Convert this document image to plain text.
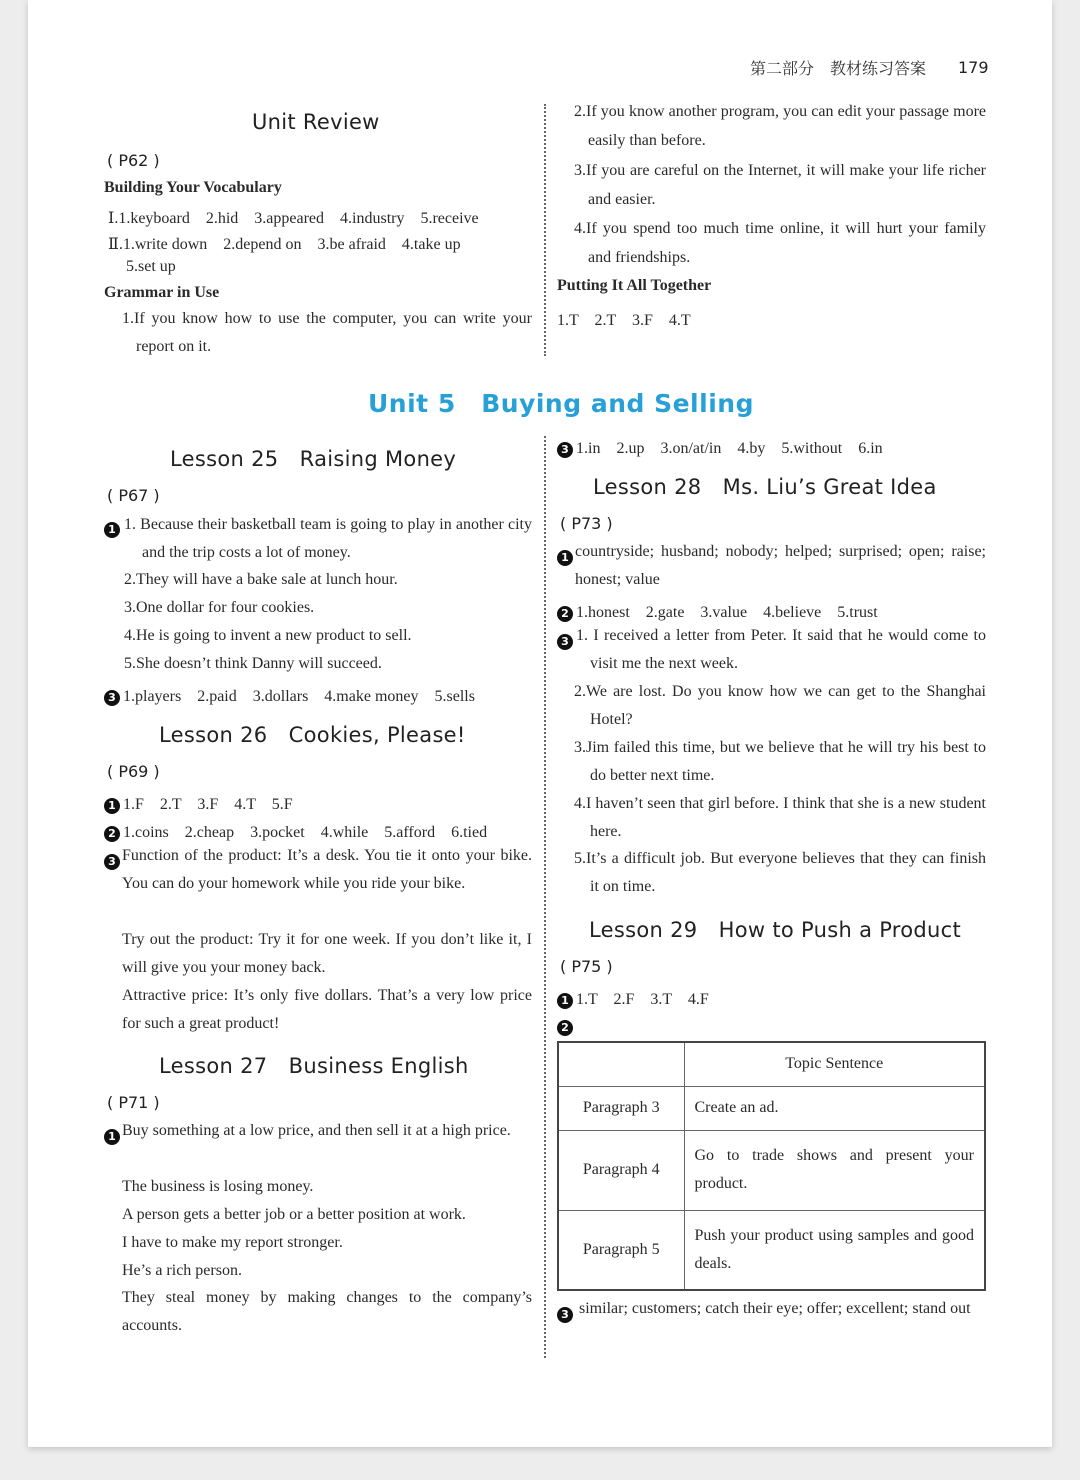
第二部分　教材练习答案 179
Unit Review
( P62 )
Building Your Vocabulary
Ⅰ.1.keyboard　2.hid　3.appeared　4.industry　5.receive
Ⅱ.1.write down　2.depend on　3.be afraid　4.take up
5.set up
Grammar in Use
1.If you know how to use the computer, you can write your report on it.
2.If you know another program, you can edit your passage more easily than before.
3.If you are careful on the Internet, it will make your life richer and easier.
4.If you spend too much time online, it will hurt your family and friendships.
Putting It All Together
1.T　2.T　3.F　4.T
Unit 5　Buying and Selling
Lesson 25　Raising Money
( P67 )
1 1. Because their basketball team is going to play in another city and the trip costs a lot of money.
2.They will have a bake sale at lunch hour.
3.One dollar for four cookies.
4.He is going to invent a new product to sell.
5.She doesn’t think Danny will succeed.
3 1.players　2.paid　3.dollars　4.make money　5.sells
Lesson 26　Cookies, Please!
( P69 )
1 1.F　2.T　3.F　4.T　5.F
2 1.coins　2.cheap　3.pocket　4.while　5.afford　6.tied
3 Function of the product: It’s a desk. You tie it onto your bike. You can do your homework while you ride your bike.
Try out the product: Try it for one week. If you don’t like it, I will give you your money back.
Attractive price: It’s only five dollars. That’s a very low price for such a great product!
Lesson 27　Business English
( P71 )
1 Buy something at a low price, and then sell it at a high price.
The business is losing money.
A person gets a better job or a better position at work.
I have to make my report stronger.
He’s a rich person.
They steal money by making changes to the company’s accounts.
3 1.in　2.up　3.on/at/in　4.by　5.without　6.in
Lesson 28　Ms. Liu’s Great Idea
( P73 )
1 countryside; husband; nobody; helped; surprised; open; raise; honest; value
2 1.honest　2.gate　3.value　4.believe　5.trust
3 1. I received a letter from Peter. It said that he would come to visit me the next week.
2.We are lost. Do you know how we can get to the Shanghai Hotel?
3.Jim failed this time, but we believe that he will try his best to do better next time.
4.I haven’t seen that girl before. I think that she is a new student here.
5.It’s a difficult job. But everyone believes that they can finish it on time.
Lesson 29　How to Push a Product
( P75 )
1 1.T　2.F　3.T　4.F
2
	Topic Sentence
Paragraph 3	Create an ad.
Paragraph 4	Go to trade shows and present your product.
Paragraph 5	Push your product using samples and good deals.
3 similar; customers; catch their eye; offer; excellent; stand out
